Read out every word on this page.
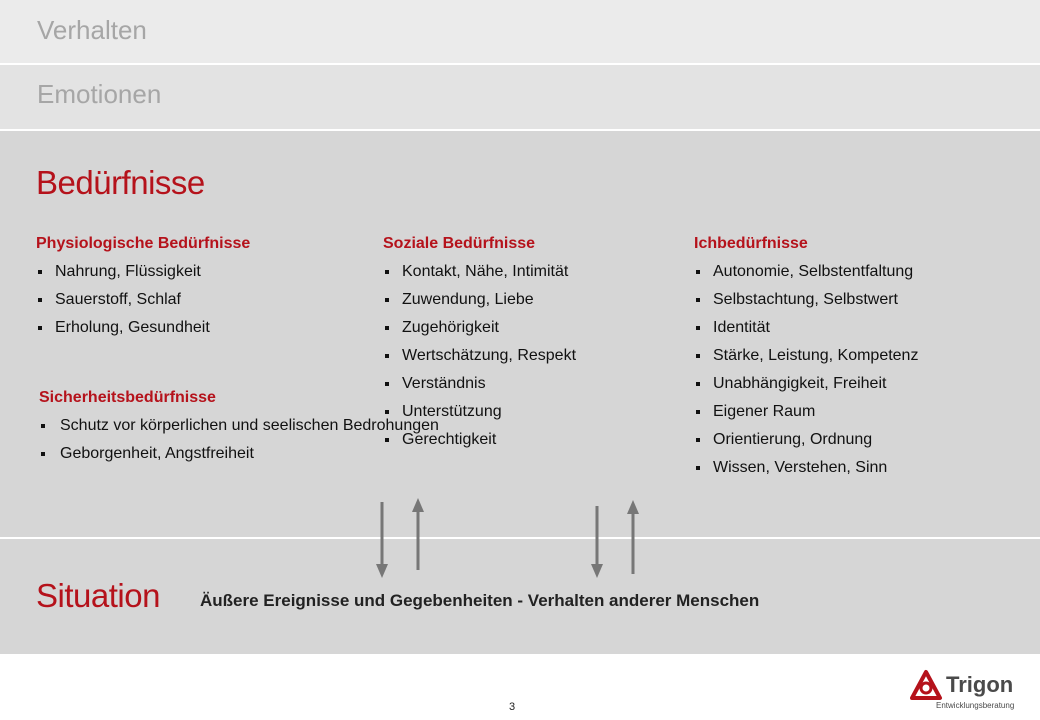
Verhalten
Emotionen
Bedürfnisse
Physiologische Bedürfnisse
Nahrung, Flüssigkeit
Sauerstoff, Schlaf
Erholung, Gesundheit
Soziale Bedürfnisse
Kontakt, Nähe, Intimität
Zuwendung, Liebe
Zugehörigkeit
Wertschätzung, Respekt
Verständnis
Unterstützung
Gerechtigkeit
Ichbedürfnisse
Autonomie, Selbstentfaltung
Selbstachtung, Selbstwert
Identität
Stärke, Leistung, Kompetenz
Unabhängigkeit, Freiheit
Eigener Raum
Orientierung, Ordnung
Wissen, Verstehen, Sinn
Sicherheitsbedürfnisse
Schutz vor körperlichen und seelischen Bedrohungen
Geborgenheit, Angstfreiheit
Situation Äußere Ereignisse und Gegebenheiten - Verhalten anderer Menschen
3
Trigon
Entwicklungsberatung
